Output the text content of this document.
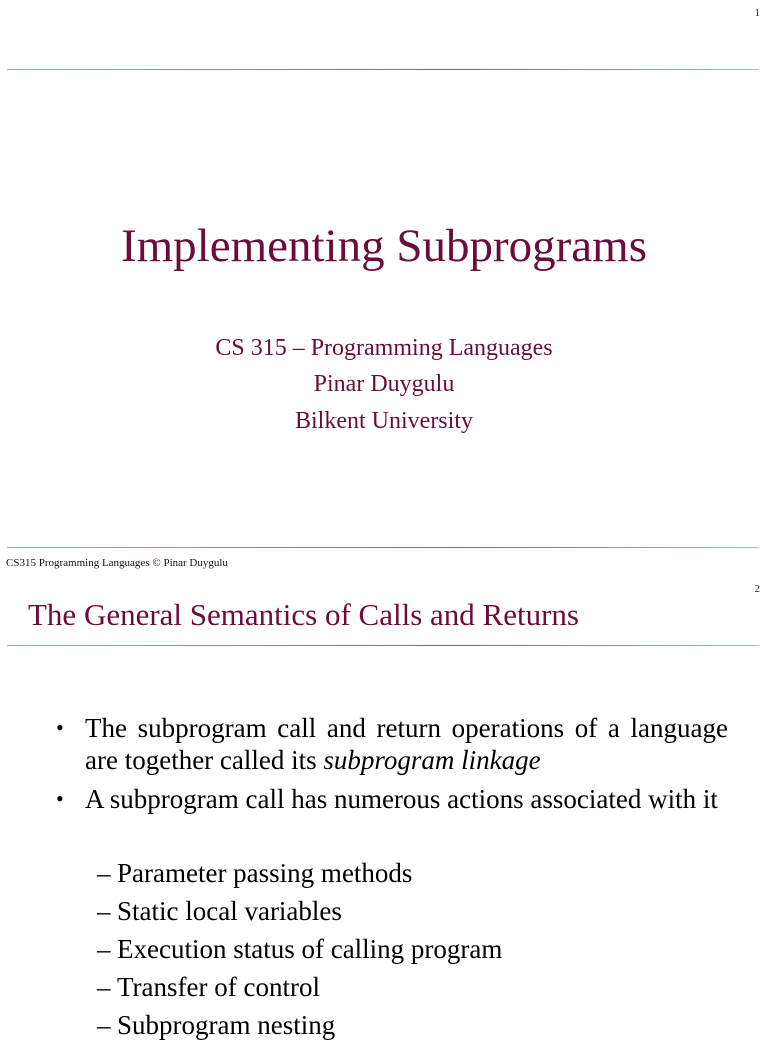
1
Implementing Subprograms
CS 315 – Programming Languages
Pinar Duygulu
Bilkent University
CS315 Programming Languages © Pinar Duygulu
2
The General Semantics of Calls and Returns
• The subprogram call and return operations of a language are together called its subprogram linkage
• A subprogram call has numerous actions associated with it
– Parameter passing methods
– Static local variables
– Execution status of calling program
– Transfer of control
– Subprogram nesting
